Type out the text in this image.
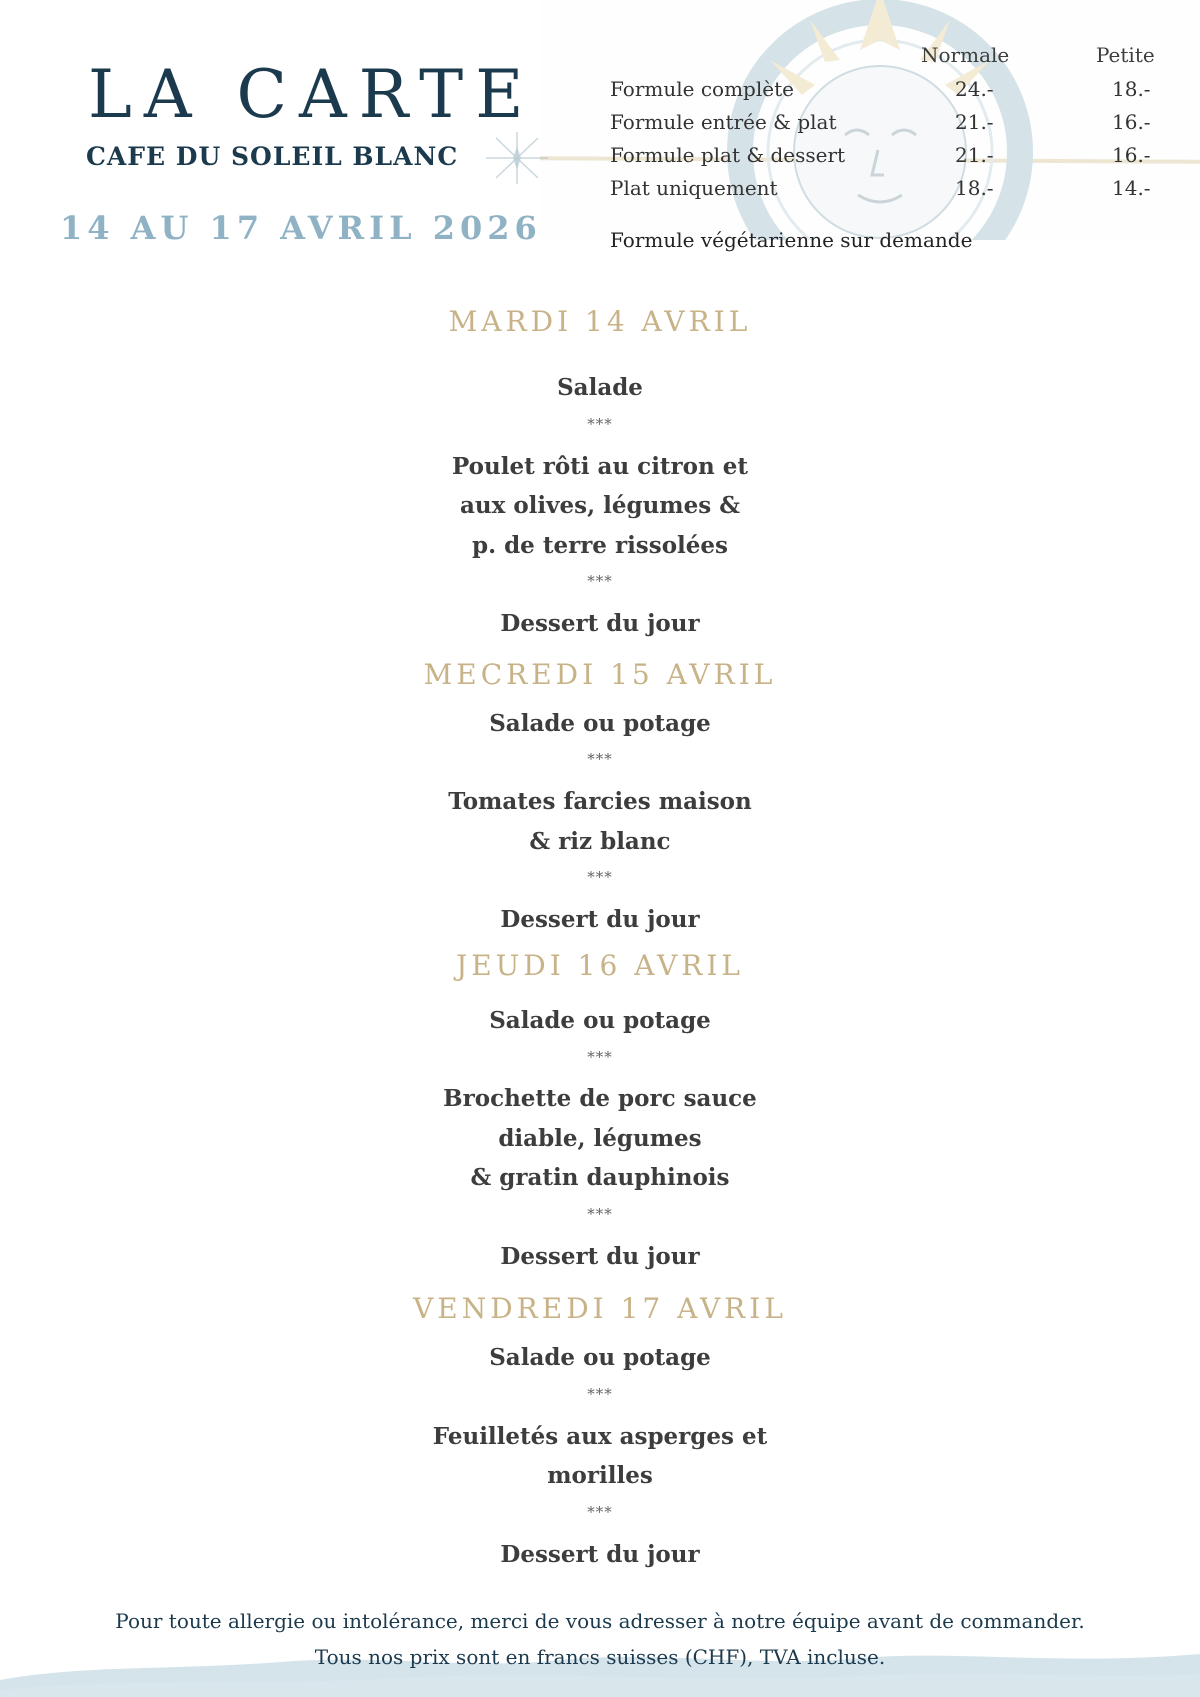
LA CARTE
CAFE DU SOLEIL BLANC
14 AU 17 AVRIL 2026
Normale	Petite
Formule complète	24.-	18.-
Formule entrée & plat	21.-	16.-
Formule plat & dessert	21.-	16.-
Plat uniquement	18.-	14.-
Formule végétarienne sur demande
MARDI 14 AVRIL

Salade

***

Poulet rôti au citron et

aux olives, légumes &

p. de terre rissolées

***

Dessert du jour

MECREDI 15 AVRIL

Salade ou potage

***

Tomates farcies maison

& riz blanc

***

Dessert du jour

JEUDI 16 AVRIL

Salade ou potage

***

Brochette de porc sauce

diable, légumes

& gratin dauphinois

***

Dessert du jour

VENDREDI 17 AVRIL

Salade ou potage

***

Feuilletés aux asperges et

morilles

***

Dessert du jour

Pour toute allergie ou intolérance, merci de vous adresser à notre équipe avant de commander.

Tous nos prix sont en francs suisses (CHF), TVA incluse.
